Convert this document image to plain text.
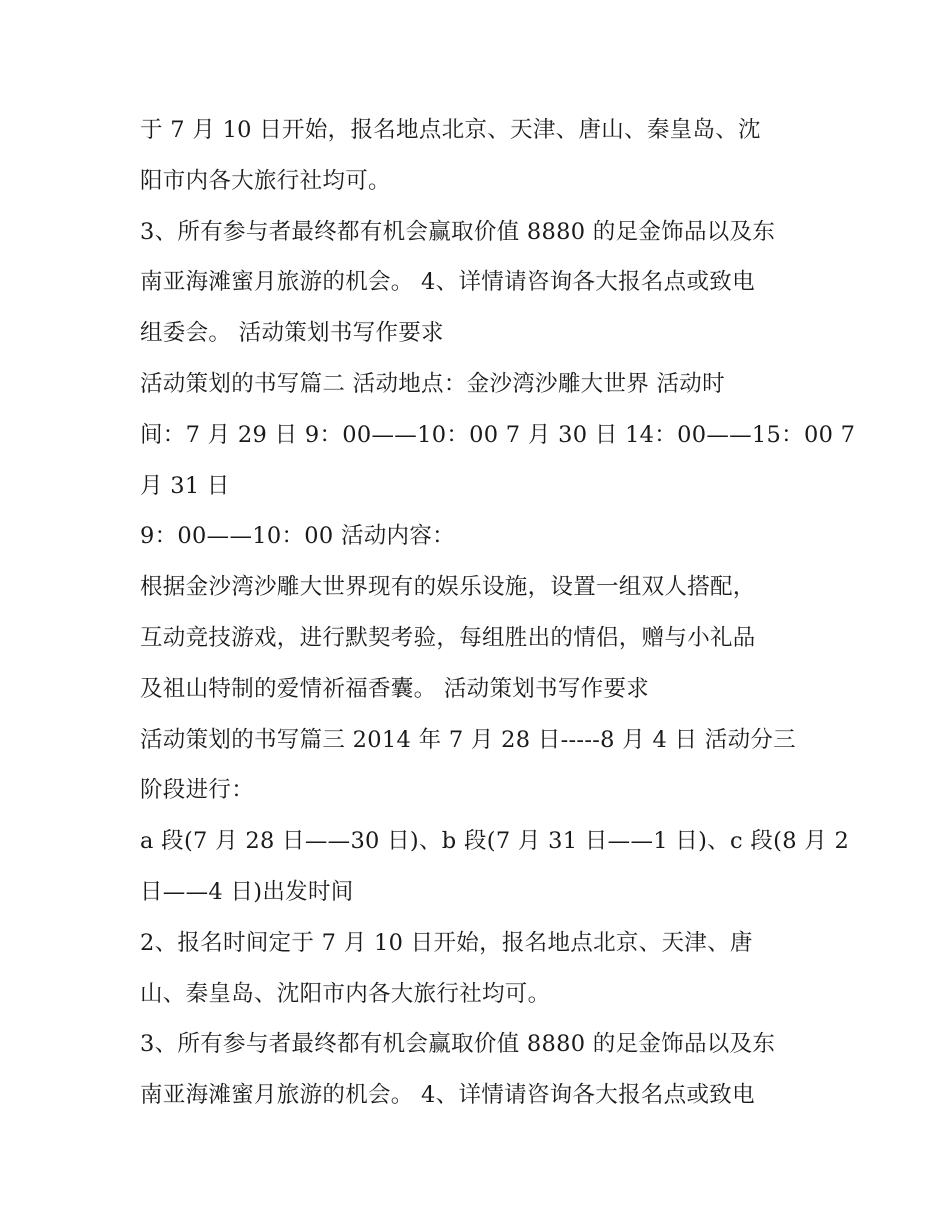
于 7 月 10 日开始，报名地点北京、天津、唐山、秦皇岛、沈
阳市内各大旅行社均可。
3、所有参与者最终都有机会赢取价值 8880 的足金饰品以及东
南亚海滩蜜月旅游的机会。 4、详情请咨询各大报名点或致电
组委会。 活动策划书写作要求
活动策划的书写篇二 活动地点：金沙湾沙雕大世界 活动时
间：7 月 29 日 9：00——10：00 7 月 30 日 14：00——15：00 7
月 31 日
9：00——10：00 活动内容：
根据金沙湾沙雕大世界现有的娱乐设施，设置一组双人搭配，
互动竞技游戏，进行默契考验，每组胜出的情侣，赠与小礼品
及祖山特制的爱情祈福香囊。 活动策划书写作要求
活动策划的书写篇三 2014 年 7 月 28 日-----8 月 4 日 活动分三
阶段进行：
a 段(7 月 28 日——30 日)、b 段(7 月 31 日——1 日)、c 段(8 月 2
日——4 日)出发时间
2、报名时间定于 7 月 10 日开始，报名地点北京、天津、唐
山、秦皇岛、沈阳市内各大旅行社均可。
3、所有参与者最终都有机会赢取价值 8880 的足金饰品以及东
南亚海滩蜜月旅游的机会。 4、详情请咨询各大报名点或致电
